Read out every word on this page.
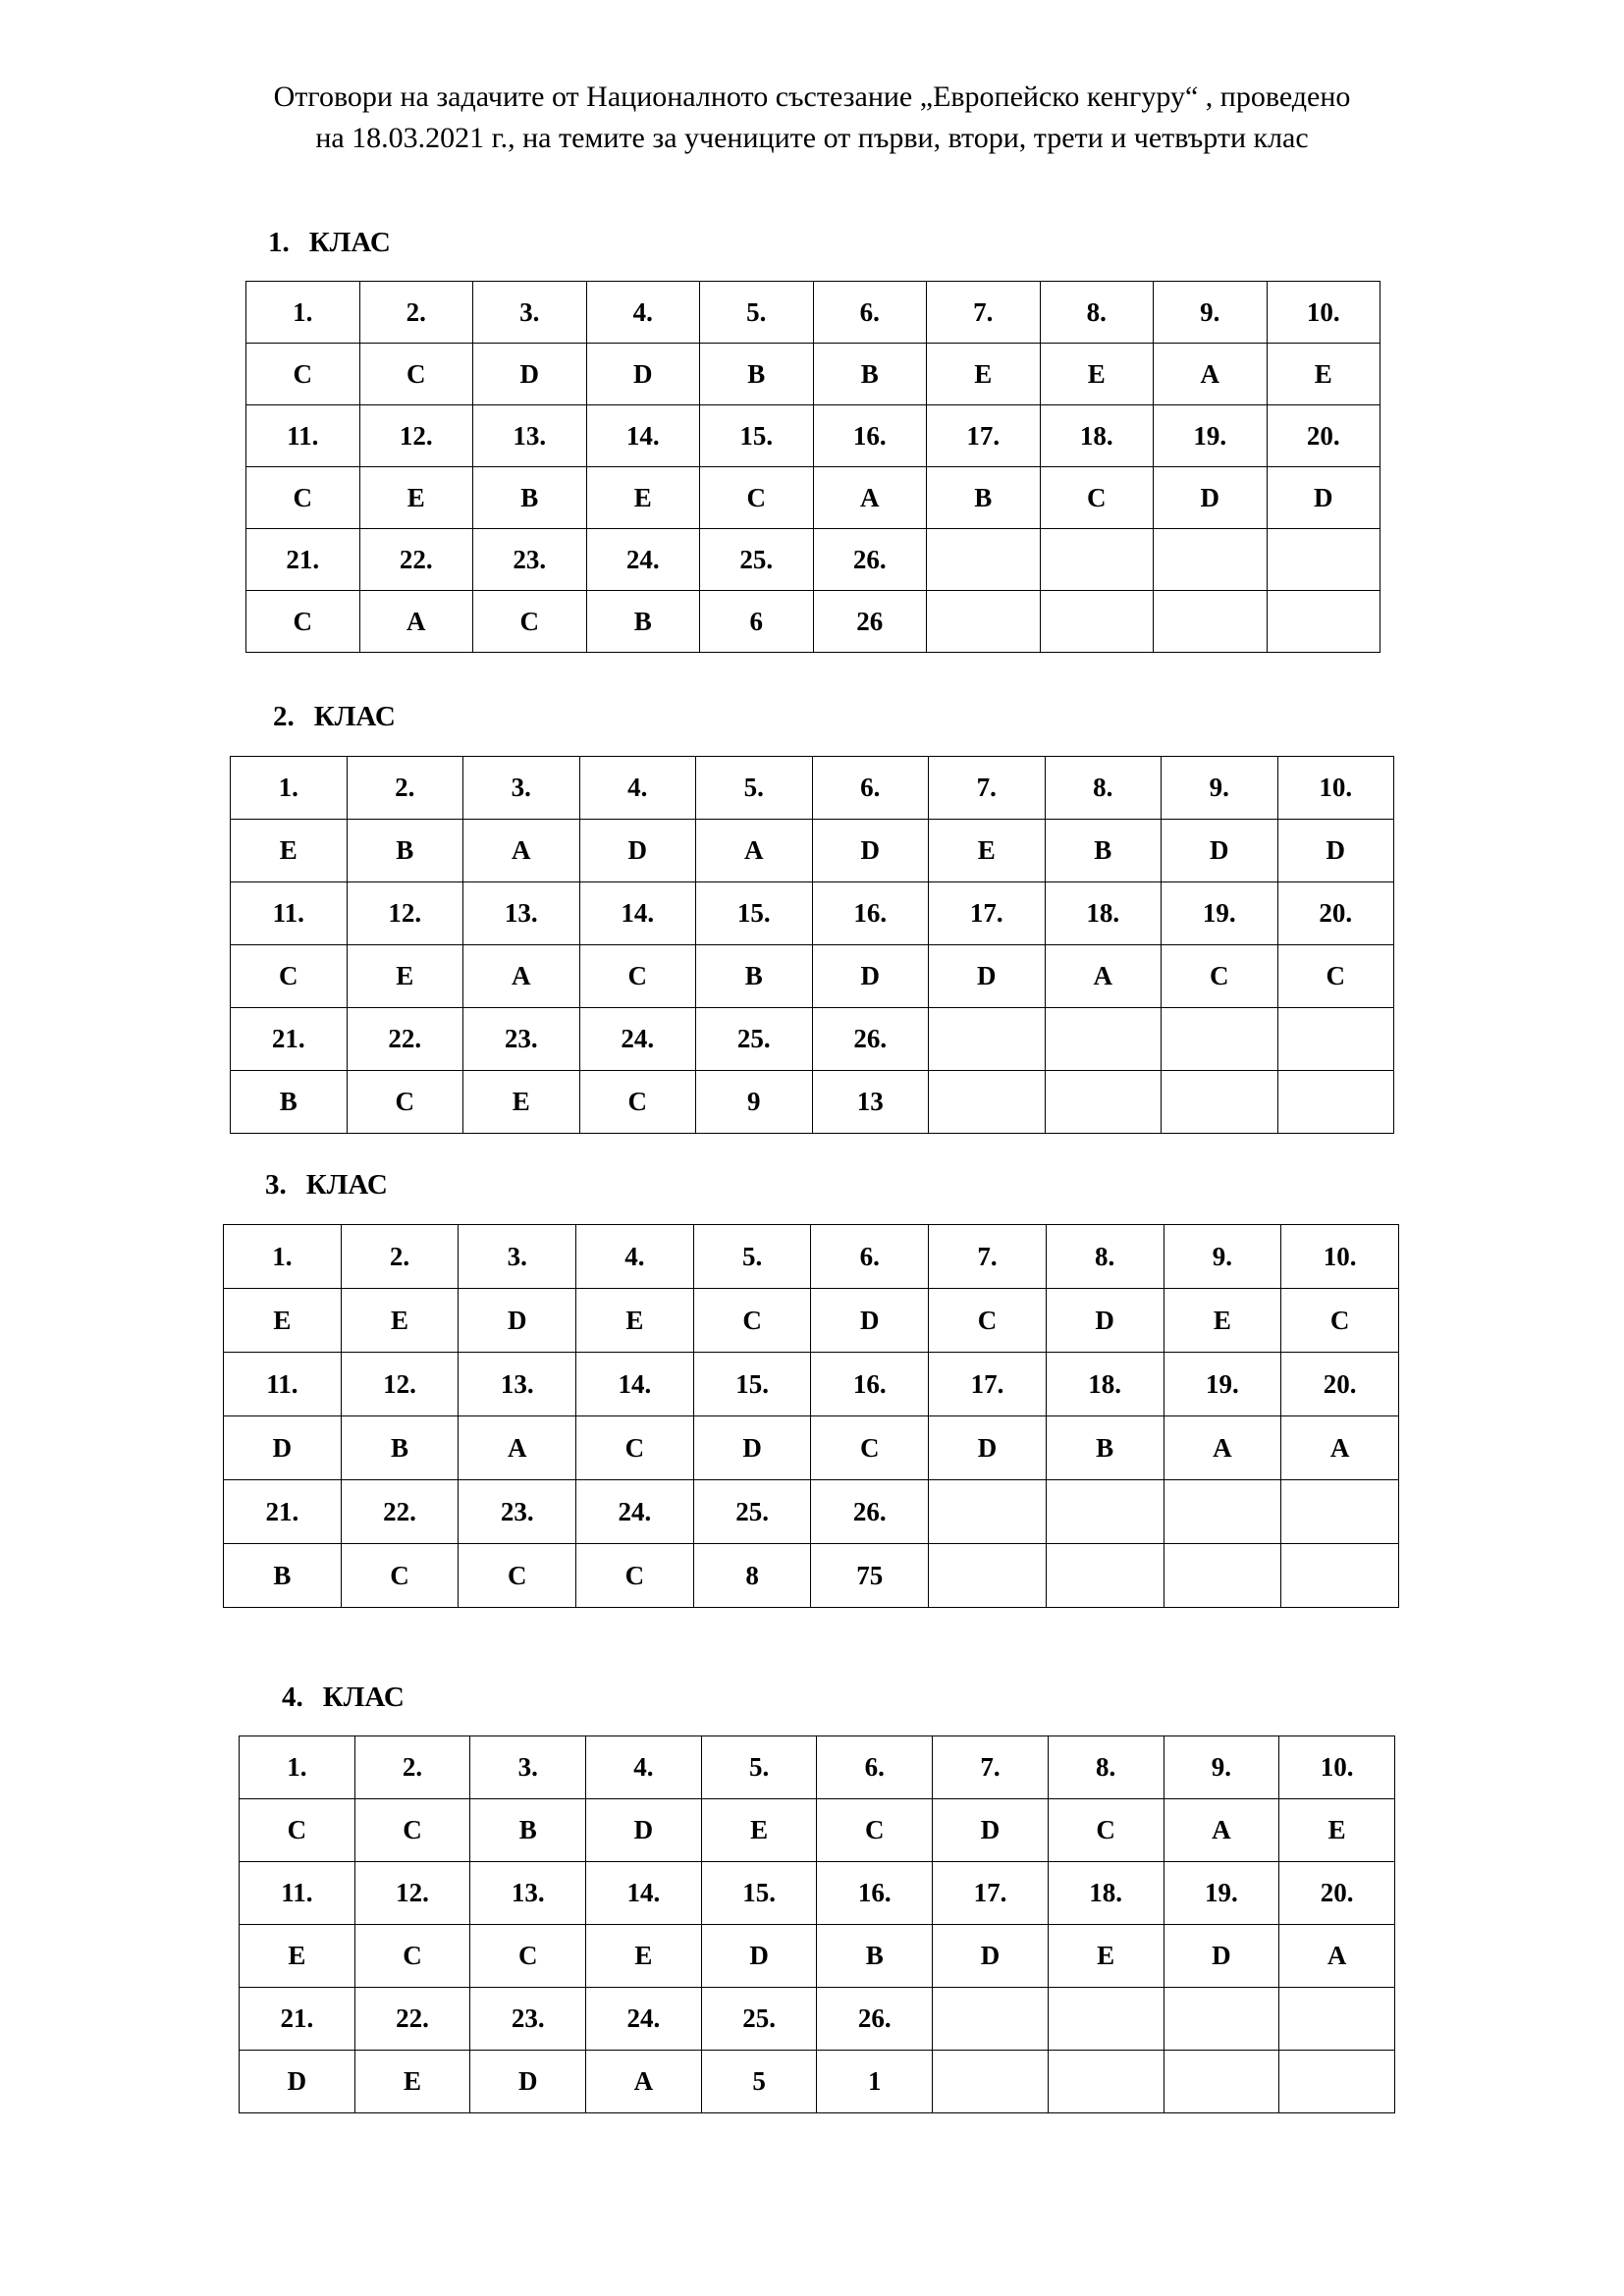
Отговори на задачите от Националното състезание „Европейско кенгуру“ , проведено
на 18.03.2021 г., на темите за учениците от първи, втори, трети и четвърти клас
1. КЛАС
1.	2.	3.	4.	5.	6.	7.	8.	9.	10.
C	C	D	D	B	B	E	E	A	E
11.	12.	13.	14.	15.	16.	17.	18.	19.	20.
C	E	B	E	C	A	B	C	D	D
21.	22.	23.	24.	25.	26.				
C	A	C	B	6	26				
2. КЛАС
1.	2.	3.	4.	5.	6.	7.	8.	9.	10.
E	B	A	D	A	D	E	B	D	D
11.	12.	13.	14.	15.	16.	17.	18.	19.	20.
C	E	A	C	B	D	D	A	C	C
21.	22.	23.	24.	25.	26.				
B	C	E	C	9	13				
3. КЛАС
1.	2.	3.	4.	5.	6.	7.	8.	9.	10.
E	E	D	E	C	D	C	D	E	C
11.	12.	13.	14.	15.	16.	17.	18.	19.	20.
D	B	A	C	D	C	D	B	A	A
21.	22.	23.	24.	25.	26.				
B	C	C	C	8	75				
4. КЛАС
1.	2.	3.	4.	5.	6.	7.	8.	9.	10.
C	C	B	D	E	C	D	C	A	E
11.	12.	13.	14.	15.	16.	17.	18.	19.	20.
E	C	C	E	D	B	D	E	D	A
21.	22.	23.	24.	25.	26.				
D	E	D	A	5	1				
